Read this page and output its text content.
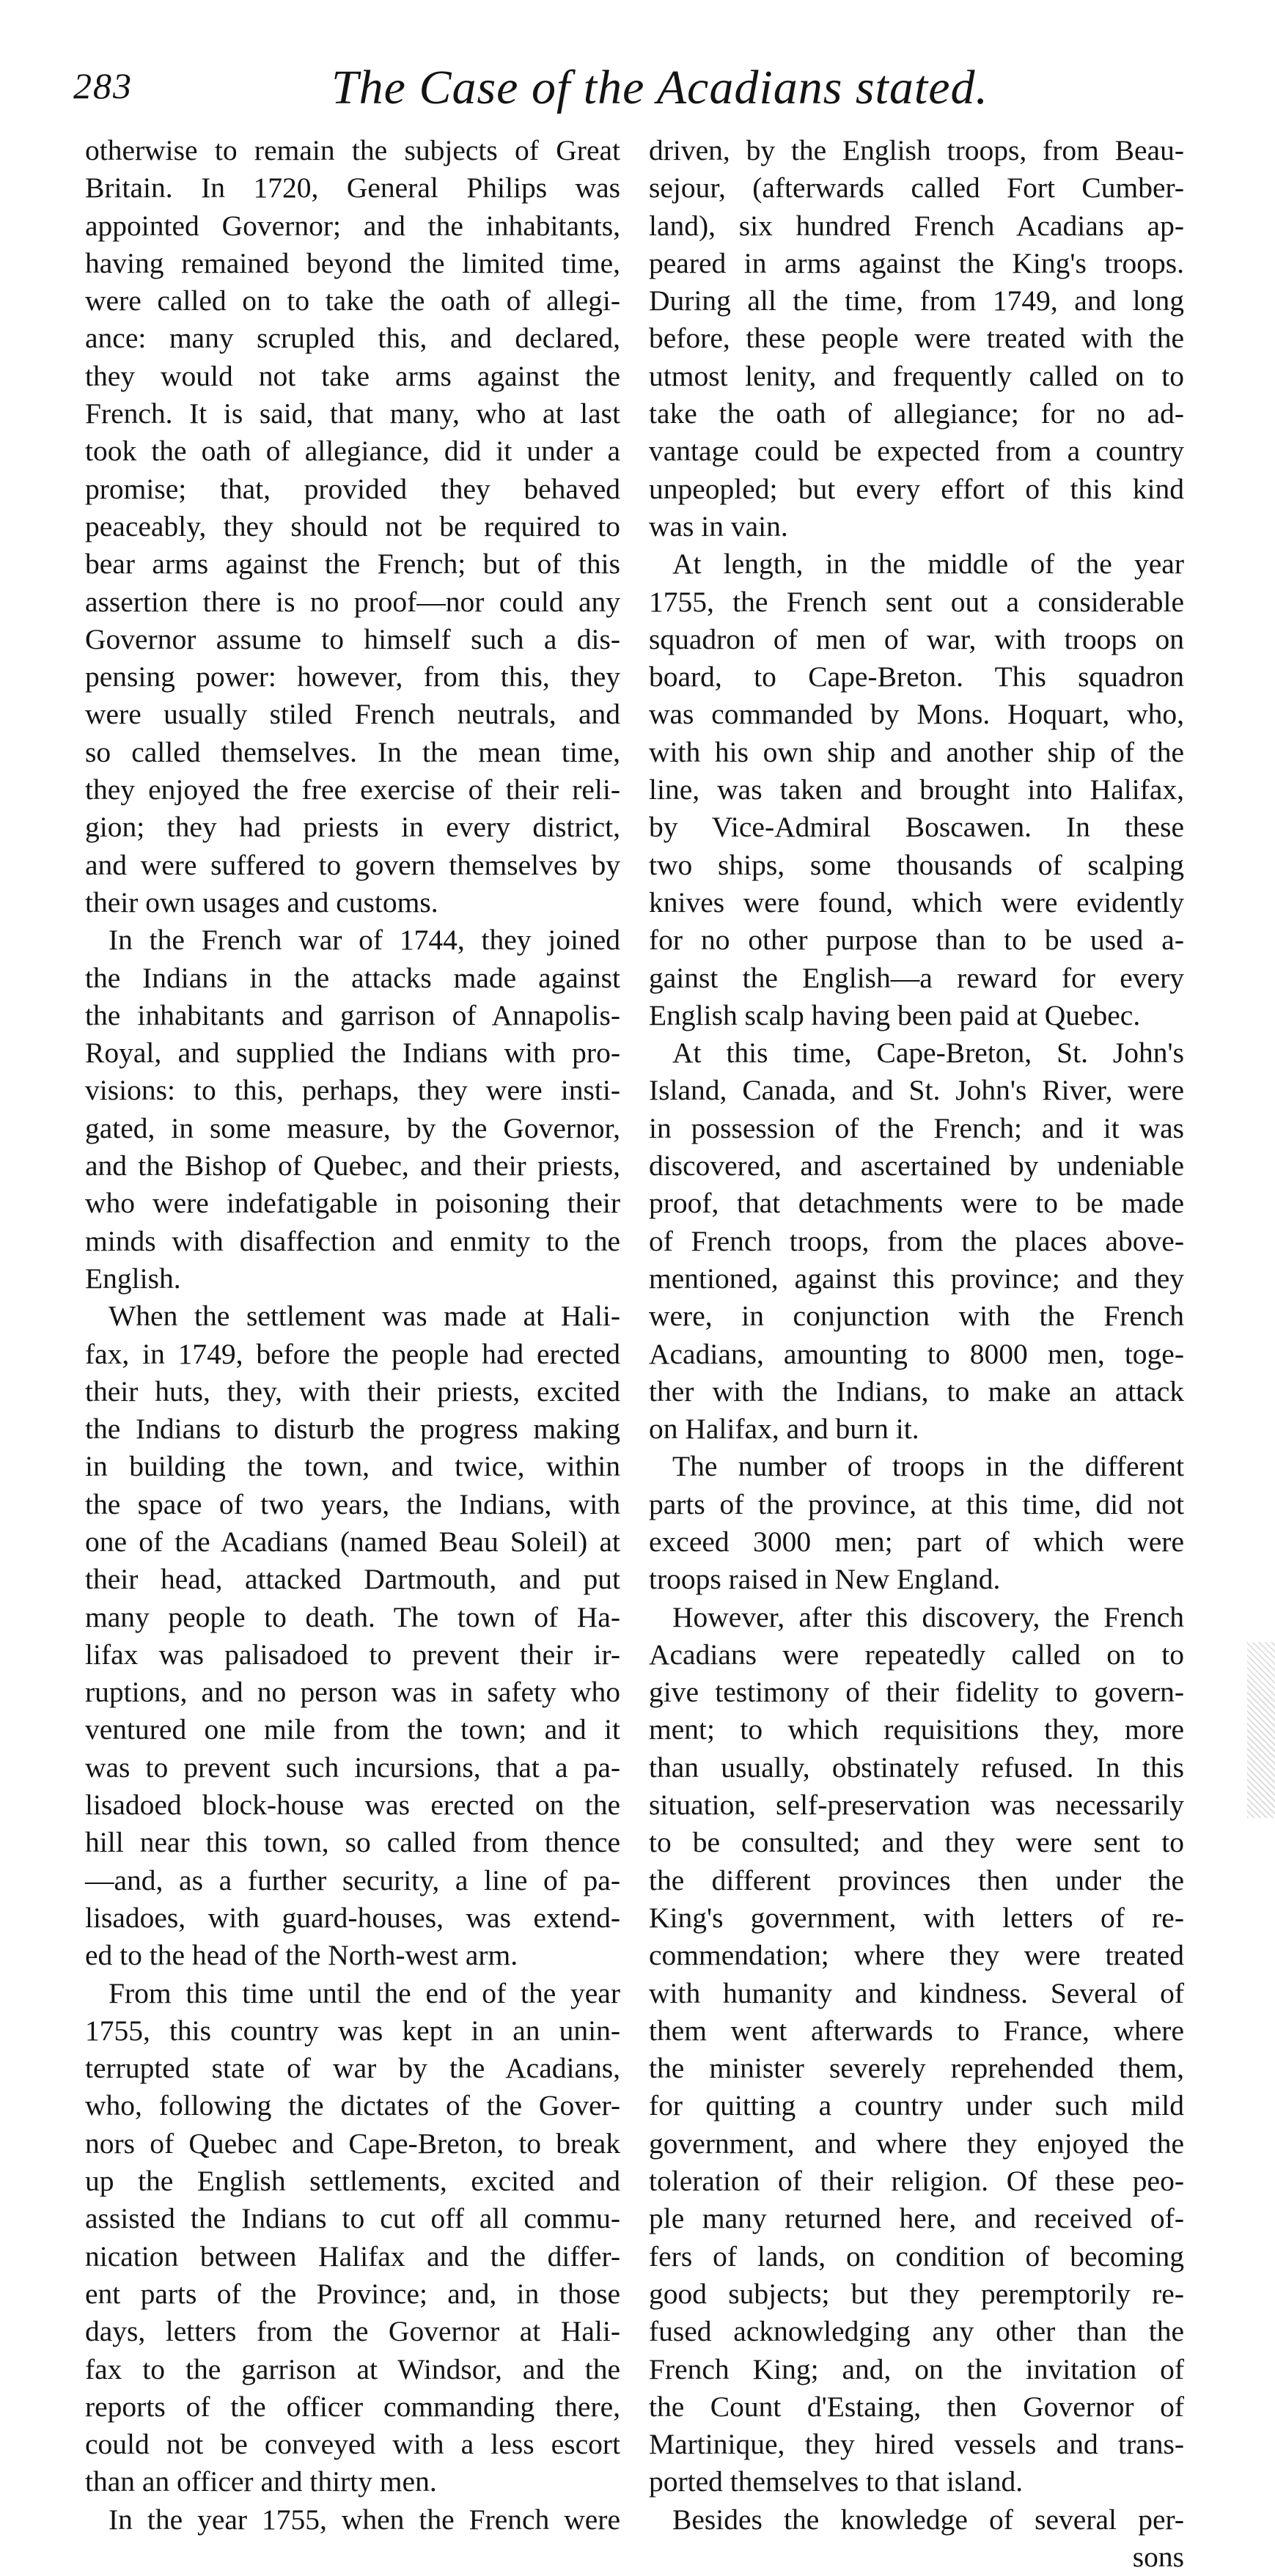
283	The Case of the Acadians stated.
otherwise to remain the subjects of Great
Britain. In 1720, General Philips was
appointed Governor; and the inhabitants,
having remained beyond the limited time,
were called on to take the oath of allegi-
ance: many scrupled this, and declared,
they would not take arms against the
French. It is said, that many, who at last
took the oath of allegiance, did it under a
promise; that, provided they behaved
peaceably, they should not be required to
bear arms against the French; but of this
assertion there is no proof—nor could any
Governor assume to himself such a dis-
pensing power: however, from this, they
were usually stiled French neutrals, and
so called themselves. In the mean time,
they enjoyed the free exercise of their reli-
gion; they had priests in every district,
and were suffered to govern themselves by
their own usages and customs.
In the French war of 1744, they joined
the Indians in the attacks made against
the inhabitants and garrison of Annapolis-
Royal, and supplied the Indians with pro-
visions: to this, perhaps, they were insti-
gated, in some measure, by the Governor,
and the Bishop of Quebec, and their priests,
who were indefatigable in poisoning their
minds with disaffection and enmity to the
English.
When the settlement was made at Hali-
fax, in 1749, before the people had erected
their huts, they, with their priests, excited
the Indians to disturb the progress making
in building the town, and twice, within
the space of two years, the Indians, with
one of the Acadians (named Beau Soleil) at
their head, attacked Dartmouth, and put
many people to death. The town of Ha-
lifax was palisadoed to prevent their ir-
ruptions, and no person was in safety who
ventured one mile from the town; and it
was to prevent such incursions, that a pa-
lisadoed block-house was erected on the
hill near this town, so called from thence
—and, as a further security, a line of pa-
lisadoes, with guard-houses, was extend-
ed to the head of the North-west arm.
From this time until the end of the year
1755, this country was kept in an unin-
terrupted state of war by the Acadians,
who, following the dictates of the Gover-
nors of Quebec and Cape-Breton, to break
up the English settlements, excited and
assisted the Indians to cut off all commu-
nication between Halifax and the differ-
ent parts of the Province; and, in those
days, letters from the Governor at Hali-
fax to the garrison at Windsor, and the
reports of the officer commanding there,
could not be conveyed with a less escort
than an officer and thirty men.
In the year 1755, when the French were
driven, by the English troops, from Beau-
sejour, (afterwards called Fort Cumber-
land), six hundred French Acadians ap-
peared in arms against the King's troops.
During all the time, from 1749, and long
before, these people were treated with the
utmost lenity, and frequently called on to
take the oath of allegiance; for no ad-
vantage could be expected from a country
unpeopled; but every effort of this kind
was in vain.
At length, in the middle of the year
1755, the French sent out a considerable
squadron of men of war, with troops on
board, to Cape-Breton. This squadron
was commanded by Mons. Hoquart, who,
with his own ship and another ship of the
line, was taken and brought into Halifax,
by Vice-Admiral Boscawen. In these
two ships, some thousands of scalping
knives were found, which were evidently
for no other purpose than to be used a-
gainst the English—a reward for every
English scalp having been paid at Quebec.
At this time, Cape-Breton, St. John's
Island, Canada, and St. John's River, were
in possession of the French; and it was
discovered, and ascertained by undeniable
proof, that detachments were to be made
of French troops, from the places above-
mentioned, against this province; and they
were, in conjunction with the French
Acadians, amounting to 8000 men, toge-
ther with the Indians, to make an attack
on Halifax, and burn it.
The number of troops in the different
parts of the province, at this time, did not
exceed 3000 men; part of which were
troops raised in New England.
However, after this discovery, the French
Acadians were repeatedly called on to
give testimony of their fidelity to govern-
ment; to which requisitions they, more
than usually, obstinately refused. In this
situation, self-preservation was necessarily
to be consulted; and they were sent to
the different provinces then under the
King's government, with letters of re-
commendation; where they were treated
with humanity and kindness. Several of
them went afterwards to France, where
the minister severely reprehended them,
for quitting a country under such mild
government, and where they enjoyed the
toleration of their religion. Of these peo-
ple many returned here, and received of-
fers of lands, on condition of becoming
good subjects; but they peremptorily re-
fused acknowledging any other than the
French King; and, on the invitation of
the Count d'Estaing, then Governor of
Martinique, they hired vessels and trans-
ported themselves to that island.
Besides the knowledge of several per-
sons
